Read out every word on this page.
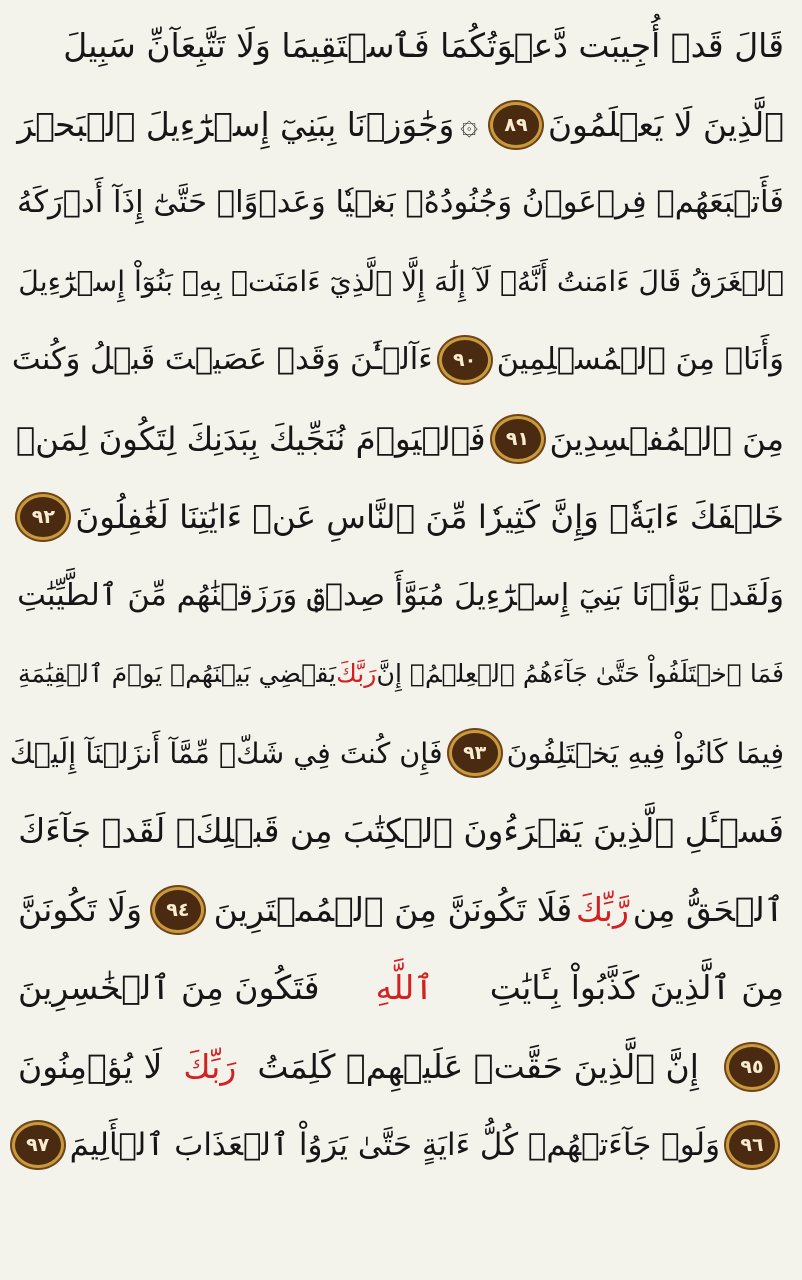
قَالَ قَدۡ أُجِيبَت دَّعۡوَتُكُمَا فَٱسۡتَقِيمَا وَلَا تَتَّبِعَآنِّ سَبِيلَ
ٱلَّذِينَ لَا يَعۡلَمُونَ
٨٩
۞
وَجَٰوَزۡنَا بِبَنِيٓ إِسۡرَٰٓءِيلَ ٱلۡبَحۡرَ
فَأَتۡبَعَهُمۡ فِرۡعَوۡنُ وَجُنُودُهُۥ بَغۡيٗا وَعَدۡوًاۖ حَتَّىٰٓ إِذَآ أَدۡرَكَهُ
ٱلۡغَرَقُ قَالَ ءَامَنتُ أَنَّهُۥ لَآ إِلَٰهَ إِلَّا ٱلَّذِيٓ ءَامَنَتۡ بِهِۦ بَنُوٓاْ إِسۡرَٰٓءِيلَ
وَأَنَا۠ مِنَ ٱلۡمُسۡلِمِينَ
٩٠
ءَآلۡـَٰٔنَ وَقَدۡ عَصَيۡتَ قَبۡلُ وَكُنتَ
مِنَ ٱلۡمُفۡسِدِينَ
٩١
فَٱلۡيَوۡمَ نُنَجِّيكَ بِبَدَنِكَ لِتَكُونَ لِمَنۡ
خَلۡفَكَ ءَايَةٗۚ وَإِنَّ كَثِيرٗا مِّنَ ٱلنَّاسِ عَنۡ ءَايَٰتِنَا لَغَٰفِلُونَ
٩٢
وَلَقَدۡ بَوَّأۡنَا بَنِيٓ إِسۡرَٰٓءِيلَ مُبَوَّأَ صِدۡقٖ وَرَزَقۡنَٰهُم مِّنَ ٱلطَّيِّبَٰتِ
فَمَا ٱخۡتَلَفُواْ حَتَّىٰ جَآءَهُمُ ٱلۡعِلۡمُۚ إِنَّ
رَبَّكَ
يَقۡضِي بَيۡنَهُمۡ يَوۡمَ ٱلۡقِيَٰمَةِ
فِيمَا كَانُواْ فِيهِ يَخۡتَلِفُونَ
٩٣
فَإِن كُنتَ فِي شَكّٖ مِّمَّآ أَنزَلۡنَآ إِلَيۡكَ
فَسۡـَٔلِ ٱلَّذِينَ يَقۡرَءُونَ ٱلۡكِتَٰبَ مِن قَبۡلِكَۚ لَقَدۡ جَآءَكَ
ٱلۡحَقُّ مِن
رَّبِّكَ
فَلَا تَكُونَنَّ مِنَ ٱلۡمُمۡتَرِينَ
٩٤
وَلَا تَكُونَنَّ
مِنَ ٱلَّذِينَ كَذَّبُواْ بِـَٔايَٰتِ
ٱللَّهِ
فَتَكُونَ مِنَ ٱلۡخَٰسِرِينَ
٩٥
إِنَّ ٱلَّذِينَ حَقَّتۡ عَلَيۡهِمۡ كَلِمَتُ
رَبِّكَ
لَا يُؤۡمِنُونَ
٩٦
وَلَوۡ جَآءَتۡهُمۡ كُلُّ ءَايَةٍ حَتَّىٰ يَرَوُاْ ٱلۡعَذَابَ ٱلۡأَلِيمَ
٩٧
